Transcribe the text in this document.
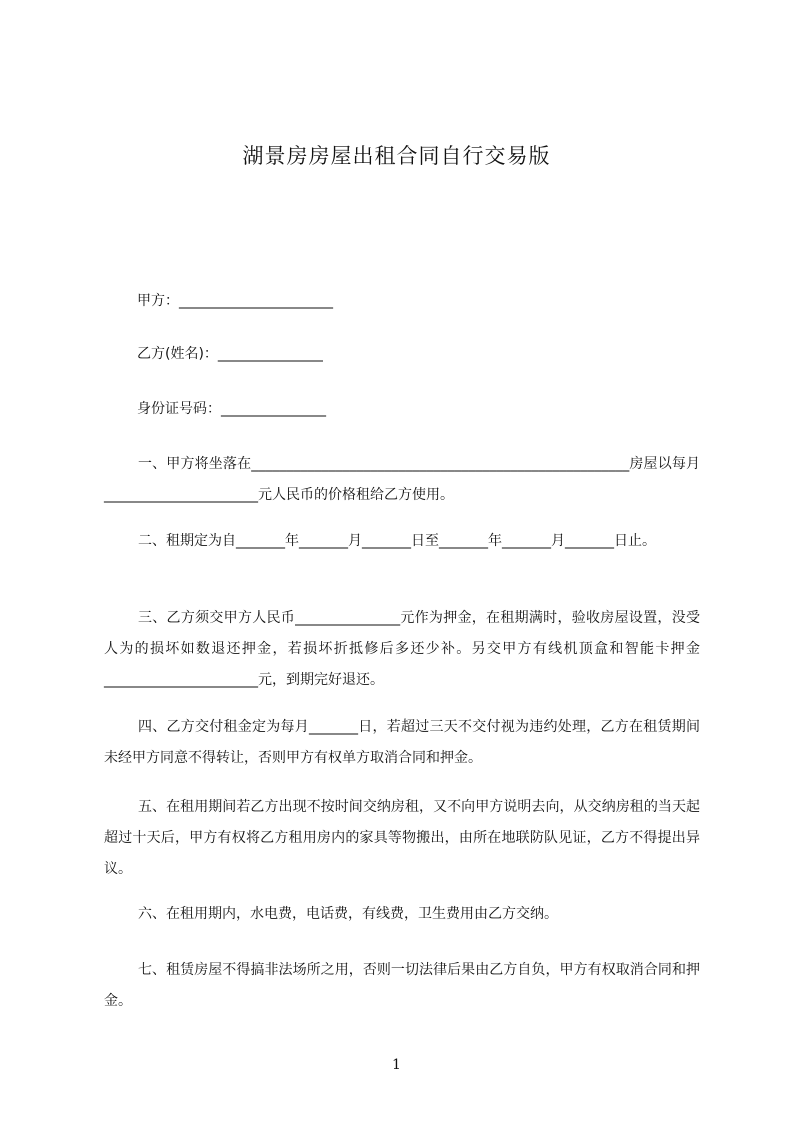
湖景房房屋出租合同自行交易版
甲方：______________________
乙方(姓名)：_______________
身份证号码：_______________

一、甲方将坐落在______________________________________________________房屋以每月______________________元人民币的价格租给乙方使用。

二、租期定为自_______年_______月_______日至_______年_______月_______日止。

三、乙方须交甲方人民币_______________元作为押金，在租期满时，验收房屋设置，没受人为的损坏如数退还押金，若损坏折抵修后多还少补。另交甲方有线机顶盒和智能卡押金______________________元，到期完好退还。

四、乙方交付租金定为每月_______日，若超过三天不交付视为违约处理，乙方在租赁期间未经甲方同意不得转让，否则甲方有权单方取消合同和押金。

五、在租用期间若乙方出现不按时间交纳房租，又不向甲方说明去向，从交纳房租的当天起超过十天后，甲方有权将乙方租用房内的家具等物搬出，由所在地联防队见证，乙方不得提出异议。

六、在租用期内，水电费，电话费，有线费，卫生费用由乙方交纳。

七、租赁房屋不得搞非法场所之用，否则一切法律后果由乙方自负，甲方有权取消合同和押金。

1
